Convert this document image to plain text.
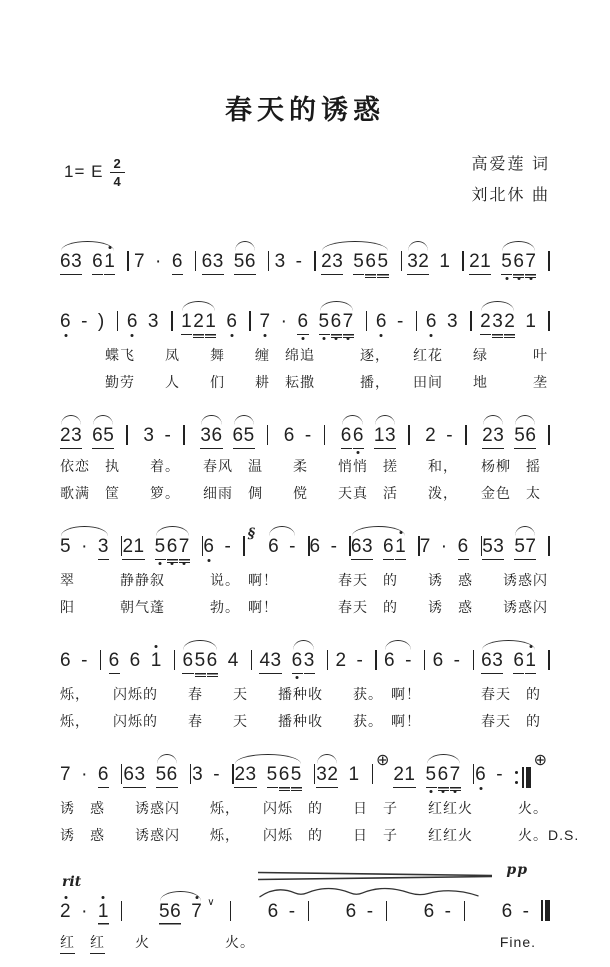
春天的诱惑
1= E $\frac{2}{4}$	高爱莲 词
刘北休 曲
63 6 1 7 · 6 63 56 3 - 23 5 6 5 32 1 21 5 6 7
6 - ) 6 3 1 2 1 6 7 · 6 5 6 7 6 - 6 3 2 3 2 1
　　　蝶飞　　凤　　舞　　缠　绵追　　　逐，　　红花　　绿　　　叶
　　　勤劳　　人　　们　　耕　耘撒　　　播，　　田间　　地　　　垄
23 65 3 - 36 65 6 - 6 6 13 2 - 23 56
依恋　执　　着。　　春风　温　　柔　　悄悄　搓　　和，　　杨柳　摇
歌满　筐　　箩。　　细雨　倜　　傥　　天真　活　　泼，　　金色　太
5 · 3 21 5 6 7 6 -
§
6 - 6 - 63 6 1 7 · 6 53 57
翠　　　静静叙　　　说。　啊！　　　　春天　的　　诱　惑　　诱惑闪
阳　　　朝气蓬　　　勃。　啊！　　　　春天　的　　诱　惑　　诱惑闪
6 - 6 6 1 6 5 6 4 43 6 3 2 - 6 - 6 - 63 6 1
烁，　　闪烁的　　春　　天　　播种收　　获。　啊！　　　　春天　的
烁，　　闪烁的　　春　　天　　播种收　　获。　啊！　　　　春天　的
7 · 6 63 56 3 - 23 5 6 5 32 1
⊕
21 5 6 7 6 -
⊕
诱　惑　　诱惑闪　　烁，　　闪烁　的　　日　子　　红红火　　　火。
诱　惑　　诱惑闪　　烁，　　闪烁　的　　日　子　　红红火　　　火。D.S.
rit
pp
2 · 1	56 7 ∨	6 -	6 -	6 -	6 -
红
　 红
　　 火
　　　　　	火。	Fine.
